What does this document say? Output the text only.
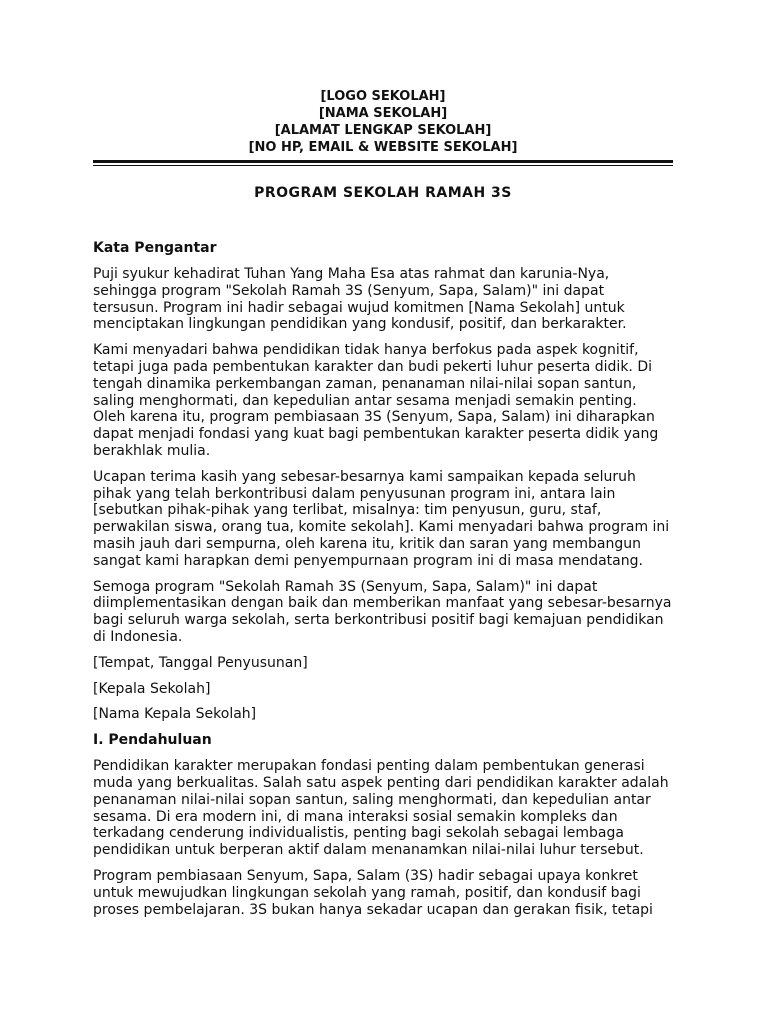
[LOGO SEKOLAH]
[NAMA SEKOLAH]
[ALAMAT LENGKAP SEKOLAH]
[NO HP, EMAIL & WEBSITE SEKOLAH]
PROGRAM SEKOLAH RAMAH 3S
Kata Pengantar

Puji syukur kehadirat Tuhan Yang Maha Esa atas rahmat dan karunia-Nya, sehingga program "Sekolah Ramah 3S (Senyum, Sapa, Salam)" ini dapat tersusun. Program ini hadir sebagai wujud komitmen [Nama Sekolah] untuk menciptakan lingkungan pendidikan yang kondusif, positif, dan berkarakter.

Kami menyadari bahwa pendidikan tidak hanya berfokus pada aspek kognitif, tetapi juga pada pembentukan karakter dan budi pekerti luhur peserta didik. Di tengah dinamika perkembangan zaman, penanaman nilai-nilai sopan santun, saling menghormati, dan kepedulian antar sesama menjadi semakin penting. Oleh karena itu, program pembiasaan 3S (Senyum, Sapa, Salam) ini diharapkan dapat menjadi fondasi yang kuat bagi pembentukan karakter peserta didik yang berakhlak mulia.

Ucapan terima kasih yang sebesar-besarnya kami sampaikan kepada seluruh pihak yang telah berkontribusi dalam penyusunan program ini, antara lain [sebutkan pihak-pihak yang terlibat, misalnya: tim penyusun, guru, staf, perwakilan siswa, orang tua, komite sekolah]. Kami menyadari bahwa program ini masih jauh dari sempurna, oleh karena itu, kritik dan saran yang membangun sangat kami harapkan demi penyempurnaan program ini di masa mendatang.

Semoga program "Sekolah Ramah 3S (Senyum, Sapa, Salam)" ini dapat diimplementasikan dengan baik dan memberikan manfaat yang sebesar-besarnya bagi seluruh warga sekolah, serta berkontribusi positif bagi kemajuan pendidikan di Indonesia.

[Tempat, Tanggal Penyusunan]

[Kepala Sekolah]

[Nama Kepala Sekolah]

I. Pendahuluan

Pendidikan karakter merupakan fondasi penting dalam pembentukan generasi muda yang berkualitas. Salah satu aspek penting dari pendidikan karakter adalah penanaman nilai-nilai sopan santun, saling menghormati, dan kepedulian antar sesama. Di era modern ini, di mana interaksi sosial semakin kompleks dan terkadang cenderung individualistis, penting bagi sekolah sebagai lembaga pendidikan untuk berperan aktif dalam menanamkan nilai-nilai luhur tersebut.

Program pembiasaan Senyum, Sapa, Salam (3S) hadir sebagai upaya konkret untuk mewujudkan lingkungan sekolah yang ramah, positif, dan kondusif bagi proses pembelajaran. 3S bukan hanya sekadar ucapan dan gerakan fisik, tetapi
